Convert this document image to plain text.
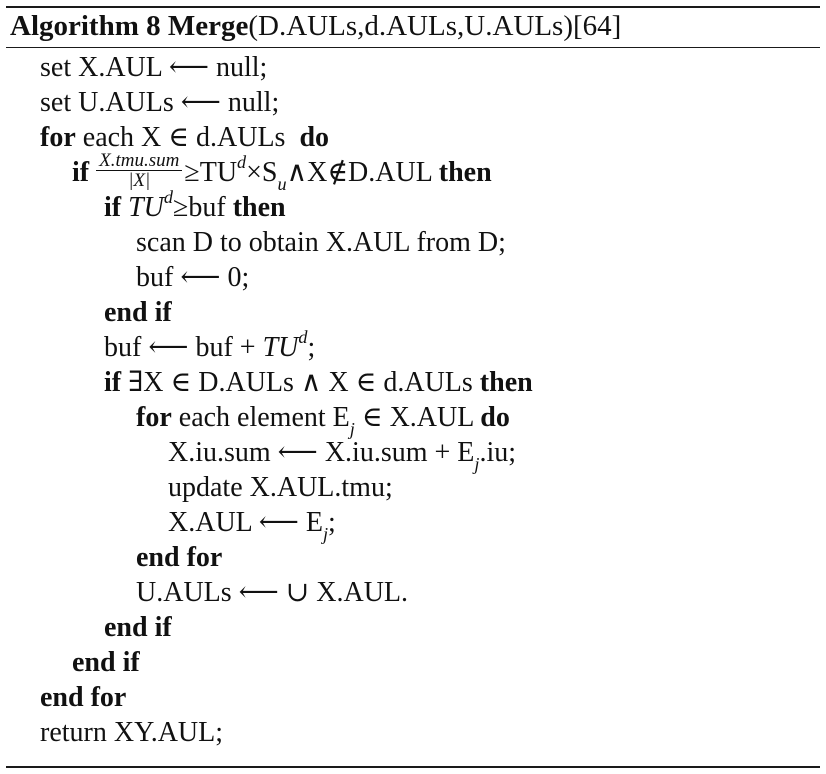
Algorithm 8 Merge(D.AULs,d.AULs,U.AULs)[64]
set X.AUL ⟵ null;
set U.AULs ⟵ null;
for each X ∈ d.AULs  do
if $\frac{\text{X.tmu.sum}}{|X|}$ $\ge TU^d\times S_u\wedge X\notin D.AUL$ then
if $TU^d\ge buf$ then
scan D to obtain X.AUL from D;
buf ⟵ 0;
end if
buf ⟵ buf + $TU^d$;
if ∃X ∈ D.AULs ∧ X ∈ d.AULs then
for each element $E_j$ ∈ X.AUL do
X.iu.sum ⟵ $X.iu.sum + E_j.iu$;
update X.AUL.tmu;
X.AUL ⟵ $E_j$;
end for
U.AULs ⟵ ∪ X.AUL.
end if
end if
end for
return XY.AUL;
